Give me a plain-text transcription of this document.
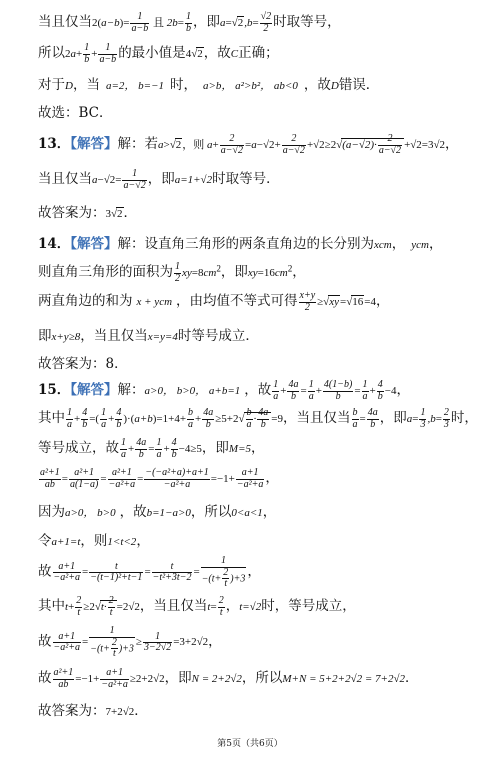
当且仅当$2(a-b)= \frac{1}{a-b}$ 且 $2b= \frac{1}{b}$ ，即$a=√2,b= \frac{√2}{2}$ 时取等号，
所以$2a+ \frac{1}{b} + \frac{1}{a-b}$ 的最小值是4√2，故C正确；
对于D，当 a=2， b=−1 时， a>b， a²>b²， ab<0 ，故D错误．
故选：BC．
13．【解答】解：若a>√2，则 $a+ \frac{2}{a-√2} =a-√2+ \frac{2}{a-√2} +√2\ge 2√(a-√2)\cdot \frac{2}{a-√2} +√2=3√2$，
当且仅当$a-√2= \frac{1}{a-√2}$ ，即a=1+√2时取等号．
故答案为：3√2．
14．【解答】解：设直角三角形的两条直角边的长分别为xcm， ycm，
则直角三角形的面积为 $\frac{1}{2} xy=8cm^2$，即$xy=16cm^2$，
两直角边的和为 x + ycm ，由均值不等式可得 $\frac{x+y}{2} \ge√xy=√16=4$，
即x+y≥8，当且仅当x=y=4时等号成立．
故答案为：8．
15．【解答】解：a>0， b>0， a+b=1 ，故 $\frac{1}{a} + \frac{4a}{b} = \frac{1}{a} + \frac{4(1-b)}{b} = \frac{1}{a} + \frac{4}{b} -4$，
其中 $\frac{1}{a} + \frac{4}{b}$ =( $\frac{1}{a} + \frac{4}{b} )\cdot(a+b)=1+4+ \frac{b}{a} + \frac{4a}{b} \ge 5+2√ \frac{b}{a} \cdot \frac{4a}{b} =9$，当且仅当 $\frac{b}{a} = \frac{4a}{b}$ ，即$a= \frac{1}{3} ,b= \frac{2}{3}$ 时，
等号成立，故 $\frac{1}{a} + \frac{4a}{b} = \frac{1}{a} + \frac{4}{b} -4\ge 5$，即M=5，
$\frac{\text{a²+1}}{ab} = \frac{\text{a²+1}}{a(1-a)} = \frac{\text{a²+1}}{\text{−a²+a}} = \frac{\text{−(−a²+a)+a+1}}{\text{−a²+a}} =-1+ \frac{a+1}{\text{−a²+a}}$ ，
因为a>0， b>0 ，故b=1−a>0，所以0<a<1，
令a+1=t，则1<t<2，
故 $\frac{a+1}{\text{−a²+a}} = \frac{t}{\text{−(t−1)²+t−1}} = \frac{t}{\text{−t²+3t−2}} = \frac{1}{-(t+ \frac{2}{t} )+3}$ ，
其中$t+ \frac{2}{t} \ge 2√t\cdot \frac{2}{t} =2√2$，当且仅当$t= \frac{2}{t}$ ，t=√2时，等号成立，
故 $\frac{a+1}{\text{−a²+a}} = \frac{1}{-(t+ \frac{2}{t} )+3} \ge \frac{1}{3-2√2} =3+2√2$，
故 $\frac{\text{a²+1}}{ab} =-1+ \frac{a+1}{\text{−a²+a}} \ge 2+2√2$，即N = 2+2√2，所以M+N = 5+2+2√2 = 7+2√2．
故答案为：7+2√2．
第5页（共6页）
